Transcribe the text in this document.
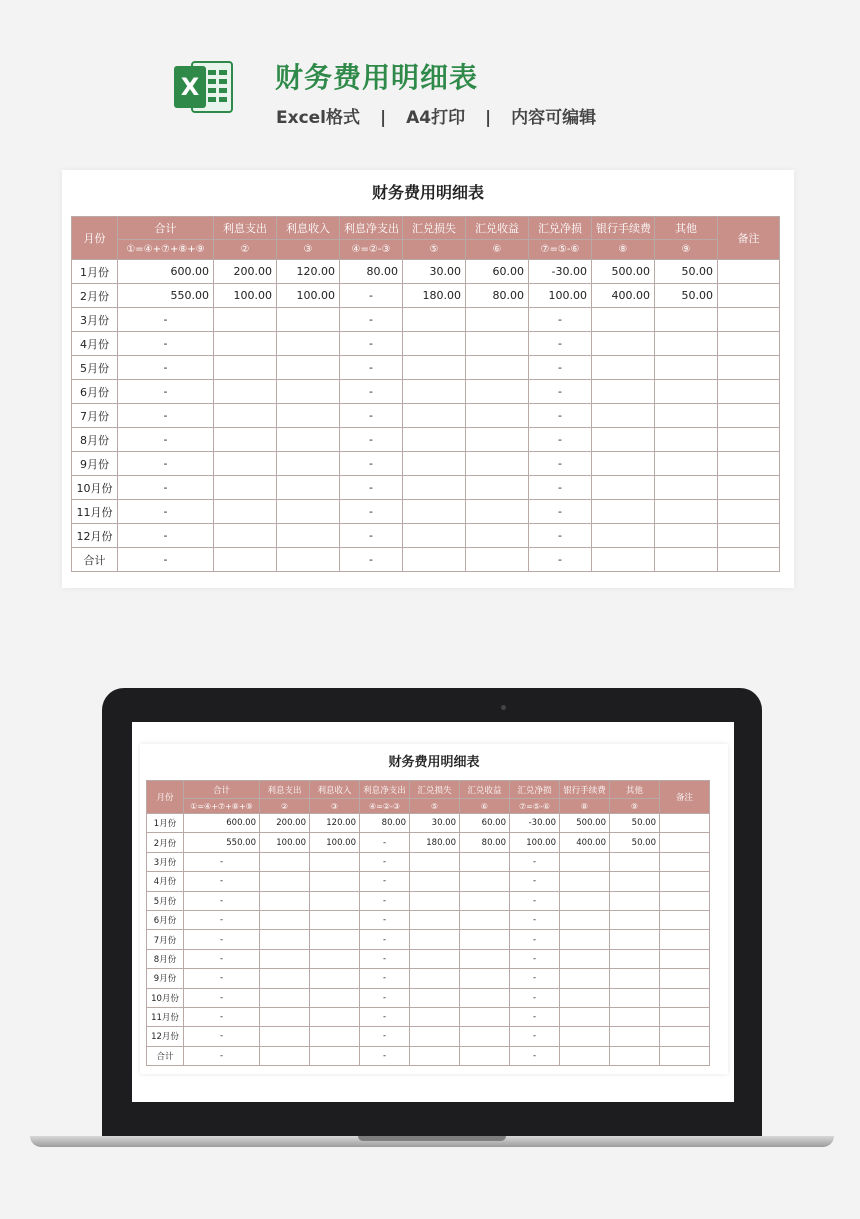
X	财务费用明细表
Excel格式 | A4打印 | 内容可编辑
财务费用明细表
月份	合计	利息支出	利息收入	利息净支出	汇兑损失	汇兑收益	汇兑净损	银行手续费	其他	备注
	①=④+⑦+⑧+⑨	②	③	④=②-③	⑤	⑥	⑦=⑤-⑥	⑧	⑨	
1月份	600.00	200.00	120.00	80.00	30.00	60.00	-30.00	500.00	50.00	
2月份	550.00	100.00	100.00	-	180.00	80.00	100.00	400.00	50.00	
3月份	-			-			-			
4月份	-			-			-			
5月份	-			-			-			
6月份	-			-			-			
7月份	-			-			-			
8月份	-			-			-			
9月份	-			-			-			
10月份	-			-			-			
11月份	-			-			-			
12月份	-			-			-			
合计	-			-			-			
财务费用明细表
月份	合计	利息支出	利息收入	利息净支出	汇兑损失	汇兑收益	汇兑净损	银行手续费	其他	备注
	①=④+⑦+⑧+⑨	②	③	④=②-③	⑤	⑥	⑦=⑤-⑥	⑧	⑨	
1月份	600.00	200.00	120.00	80.00	30.00	60.00	-30.00	500.00	50.00	
2月份	550.00	100.00	100.00	-	180.00	80.00	100.00	400.00	50.00	
3月份	-			-			-			
4月份	-			-			-			
5月份	-			-			-			
6月份	-			-			-			
7月份	-			-			-			
8月份	-			-			-			
9月份	-			-			-			
10月份	-			-			-			
11月份	-			-			-			
12月份	-			-			-			
合计	-			-			-			
